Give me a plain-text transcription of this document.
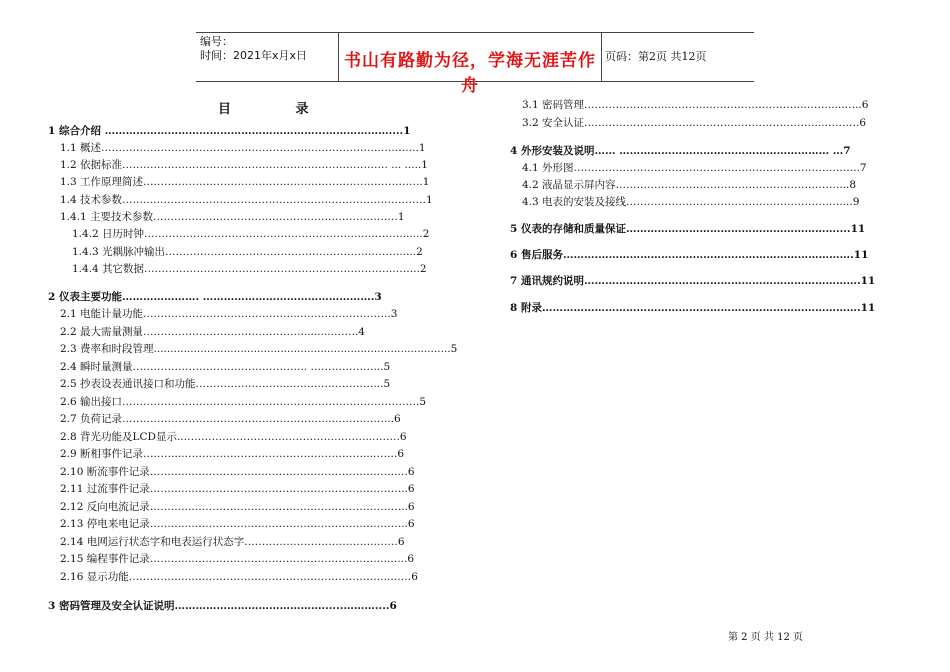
编号：
时间：2021年x月x日	书山有路勤为径，学海无涯苦作舟
页码：第2页 共12页
目 录
1 综合介绍 ……………………………………………………...………………....1
1.1 概述……………………………………………………………………..………..1
1.2 依据标准…………………………………………………………………. ... .....1
1.3 工作原理简述……………………………………………………………………..1
1.4 技术参数……...……………………………………………………………………1
1.4.1 主要技术参数……………………………………………….……………1
1.4.2 日历时钟………………………………………………………..………......2
1.4.3 光耦脉冲输出………………………………………………….……….....2
1.4.4 其它数据……………………………………………………………..……..2
2 仪表主要功能…………………. ………………………………………….3
2.1 电能计量功能……………………………………...……………………..3
2.2 最大需量测量……………………………………….........……..4
2.3 费率和时段管理.........................................................................................5
2.4 瞬时量测量………………………………………….. ………………...5
2.5 抄表设表通讯接口和功能……………………....……………………..5
2.6 输出接口………………………………………………………………………….5
2.7 负荷记录…………………………………………………...……….……..6
2.8 背光功能及LCD显示..……………………………………….……...…….6
2.9 断相事件记录………...……………………………………………...…….6
2.10 断流事件记录………...…………………………………………………..…6
2.11 过流事件记录………...……………………………………………………..6
2.12 反向电流记录………...……………………………………………………..6
2.13 停电来电记录………...……………………………………………………..6
2.14 电网运行状态字和电表运行状态字………………………………..……6
2.15 编程事件记录………...………………………………………………...…..6
2.16 显示功能……………...………………………………………………...……6
3 密码管理及安全认证说明……………………………………......………....6
3.1 密码管理…………………...………..………………………..…….....…..6
3.2 安全认证…………………………...……………………………...……….6
4 外形安装及说明…… …………………………………………………… …7
4.1 外形图………………………………………………………………..……..7
4.2 液晶显示屏内容………………………………………………….……...8
4.3 电表的安装及接线…………………………………………………..…...9
5 仪表的存储和质量保证……………………………………………………....11
6 售后服务……….……………………………………………………………….11
7 通讯规约说明…………………………………………………………………….11
8 附录……………………………………………………………………………….11
第 2 页 共 12 页
